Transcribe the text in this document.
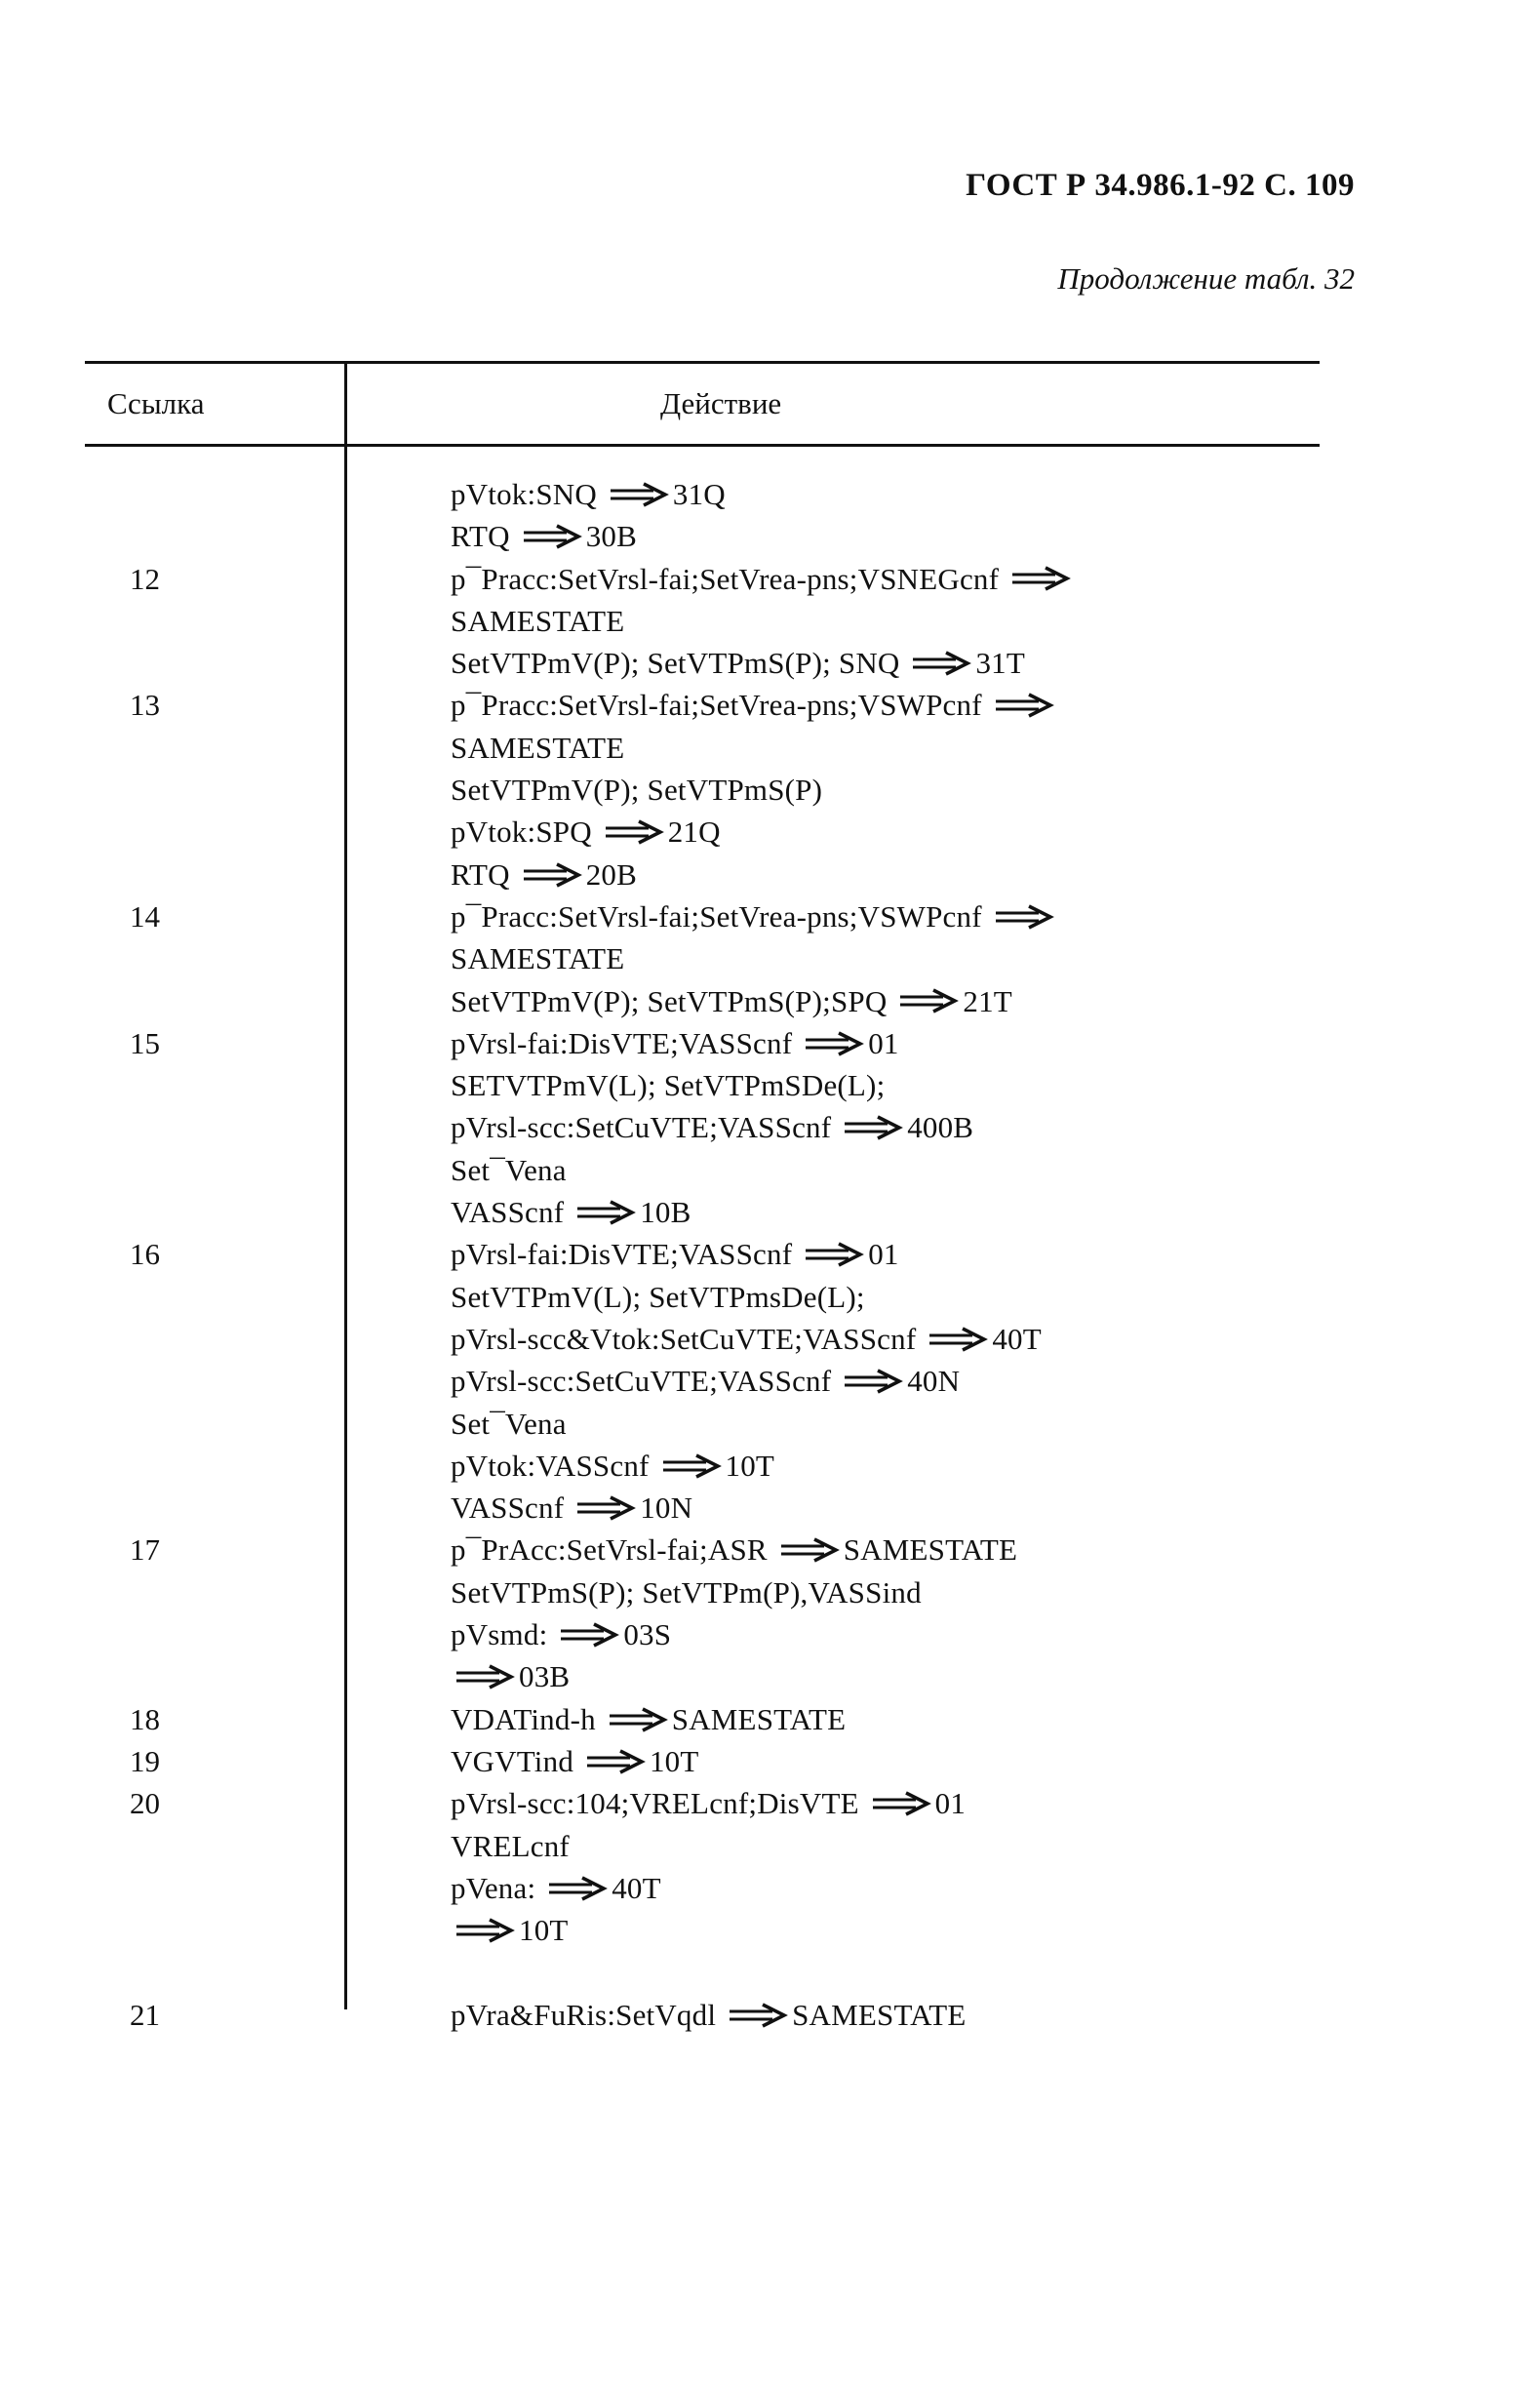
ГОСТ Р 34.986.1-92 С. 109
Продолжение табл. 32
Ссылка	Действие
pVtok:SNQ 31Q
RTQ 30B
12	p¯Pracc:SetVrsl-fai;SetVrea-pns;VSNEGcnf
SAMESTATE
SetVTPmV(P); SetVTPmS(P); SNQ 31T
13	p¯Pracc:SetVrsl-fai;SetVrea-pns;VSWPcnf
SAMESTATE
SetVTPmV(P); SetVTPmS(P)
pVtok:SPQ 21Q
RTQ 20B
14	p¯Pracc:SetVrsl-fai;SetVrea-pns;VSWPcnf
SAMESTATE
SetVTPmV(P); SetVTPmS(P);SPQ 21T
15	pVrsl-fai:DisVTE;VASScnf 01
SETVTPmV(L); SetVTPmSDe(L);
pVrsl-scc:SetCuVTE;VASScnf 400B
Set¯Vena
VASScnf 10B
16	pVrsl-fai:DisVTE;VASScnf 01
SetVTPmV(L); SetVTPmsDe(L);
pVrsl-scc&Vtok:SetCuVTE;VASScnf 40T
pVrsl-scc:SetCuVTE;VASScnf 40N
Set¯Vena
pVtok:VASScnf 10T
VASScnf 10N
17	p¯PrAcc:SetVrsl-fai;ASR SAMESTATE
SetVTPmS(P); SetVTPm(P),VASSind
pVsmd: 03S
03B
18	VDATind-h SAMESTATE
19	VGVTind 10T
20	pVrsl-scc:104;VRELcnf;DisVTE 01
VRELcnf
pVena: 40T
10T
21	pVra&FuRis:SetVqdl SAMESTATE
